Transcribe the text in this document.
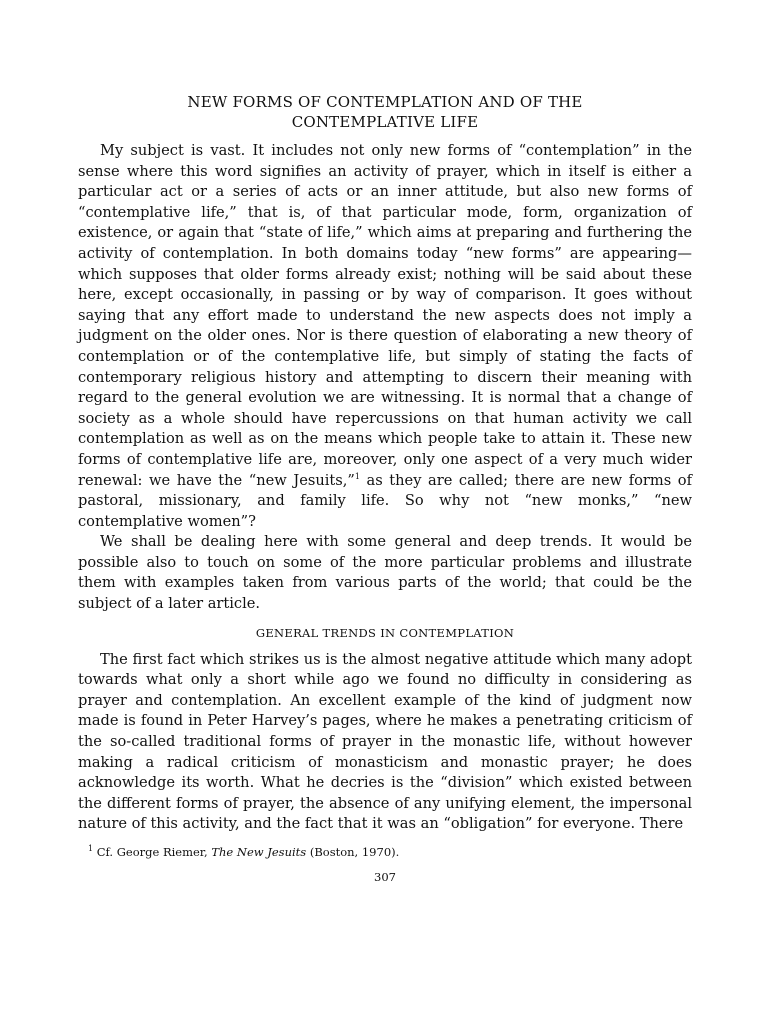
NEW FORMS OF CONTEMPLATION AND OF THE
CONTEMPLATIVE LIFE

My subject is vast. It includes not only new forms of “contemplation” in the sense where this word signifies an activity of prayer, which in itself is either a particular act or a series of acts or an inner attitude, but also new forms of “contemplative life,” that is, of that particular mode, form, organization of existence, or again that “state of life,” which aims at preparing and furthering the activity of contemplation. In both domains today “new forms” are appearing—which supposes that older forms already exist; nothing will be said about these here, except occasionally, in passing or by way of comparison. It goes without saying that any effort made to understand the new aspects does not imply a judgment on the older ones. Nor is there question of elaborating a new theory of contemplation or of the contemplative life, but simply of stating the facts of contemporary religious history and attempting to discern their meaning with regard to the general evolution we are witnessing. It is normal that a change of society as a whole should have repercussions on that human activity we call contemplation as well as on the means which people take to attain it. These new forms of contemplative life are, moreover, only one aspect of a very much wider renewal: we have the “new Jesuits,”$^1$ as they are called; there are new forms of pastoral, missionary, and family life. So why not “new monks,” “new contemplative women”?

We shall be dealing here with some general and deep trends. It would be possible also to touch on some of the more particular problems and illustrate them with examples taken from various parts of the world; that could be the subject of a later article.

GENERAL TRENDS IN CONTEMPLATION

The first fact which strikes us is the almost negative attitude which many adopt towards what only a short while ago we found no difficulty in considering as prayer and contemplation. An excellent example of the kind of judgment now made is found in Peter Harvey’s pages, where he makes a penetrating criticism of the so-called traditional forms of prayer in the monastic life, without however making a radical criticism of monasticism and monastic prayer; he does acknowledge its worth. What he decries is the “division” which existed between the different forms of prayer, the absence of any unifying element, the impersonal nature of this activity, and the fact that it was an “obligation” for everyone. There

$^1$ Cf. George Riemer, The New Jesuits (Boston, 1970).
307
